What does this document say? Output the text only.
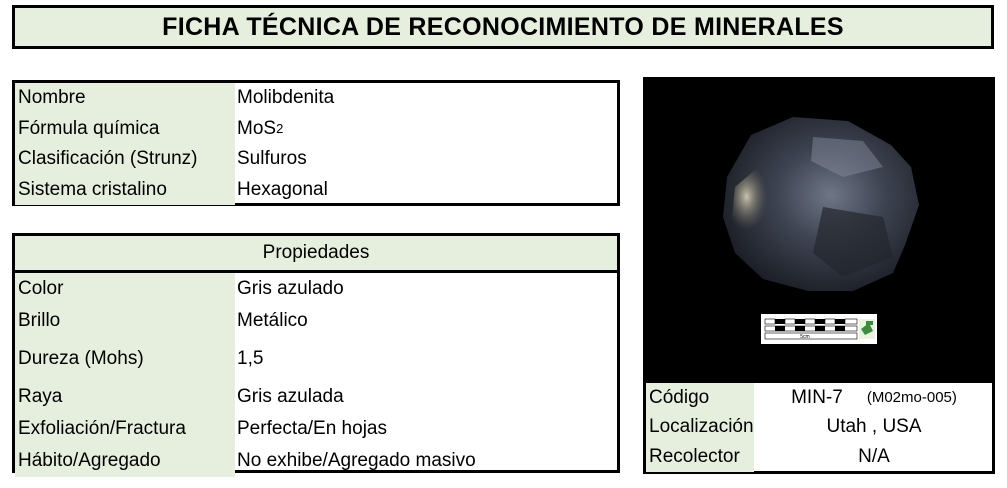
FICHA TÉCNICA DE RECONOCIMIENTO DE MINERALES
Nombre	Molibdenita
Fórmula química	MoS 2
Clasificación (Strunz)	Sulfuros
Sistema cristalino	Hexagonal
Propiedades
Color	Gris azulado
Brillo	Metálico
Dureza (Mohs)	1,5
Raya	Gris azulada
Exfoliación/Fractura	Perfecta/En hojas
Hábito/Agregado	No exhibe/Agregado masivo
5cm
Código	MIN-7 (M02mo-005)
Localización	Utah , USA
Recolector	N/A
